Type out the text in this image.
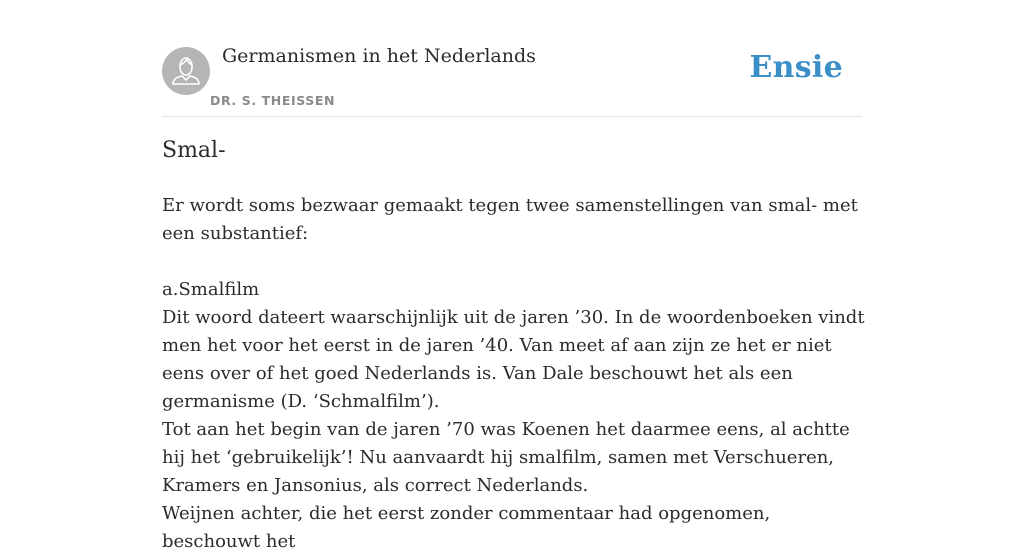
Germanismen in het Nederlands
DR. S. THEISSEN
Ensie
Smal-

Er wordt soms bezwaar gemaakt tegen twee samenstellingen van smal- met een substantief:

a.Smalfilm

Dit woord dateert waarschijnlijk uit de jaren ’30. In de woordenboeken vindt men het voor het eerst in de jaren ’40. Van meet af aan zijn ze het er niet eens over of het goed Nederlands is. Van Dale beschouwt het als een germanisme (D. ‘Schmalfilm’).

Tot aan het begin van de jaren ’70 was Koenen het daarmee eens, al achtte hij het ‘gebruikelijk’! Nu aanvaardt hij smalfilm, samen met Verschueren, Kramers en Jansonius, als correct Nederlands.

Weijnen achter, die het eerst zonder commentaar had opgenomen, beschouwt het
